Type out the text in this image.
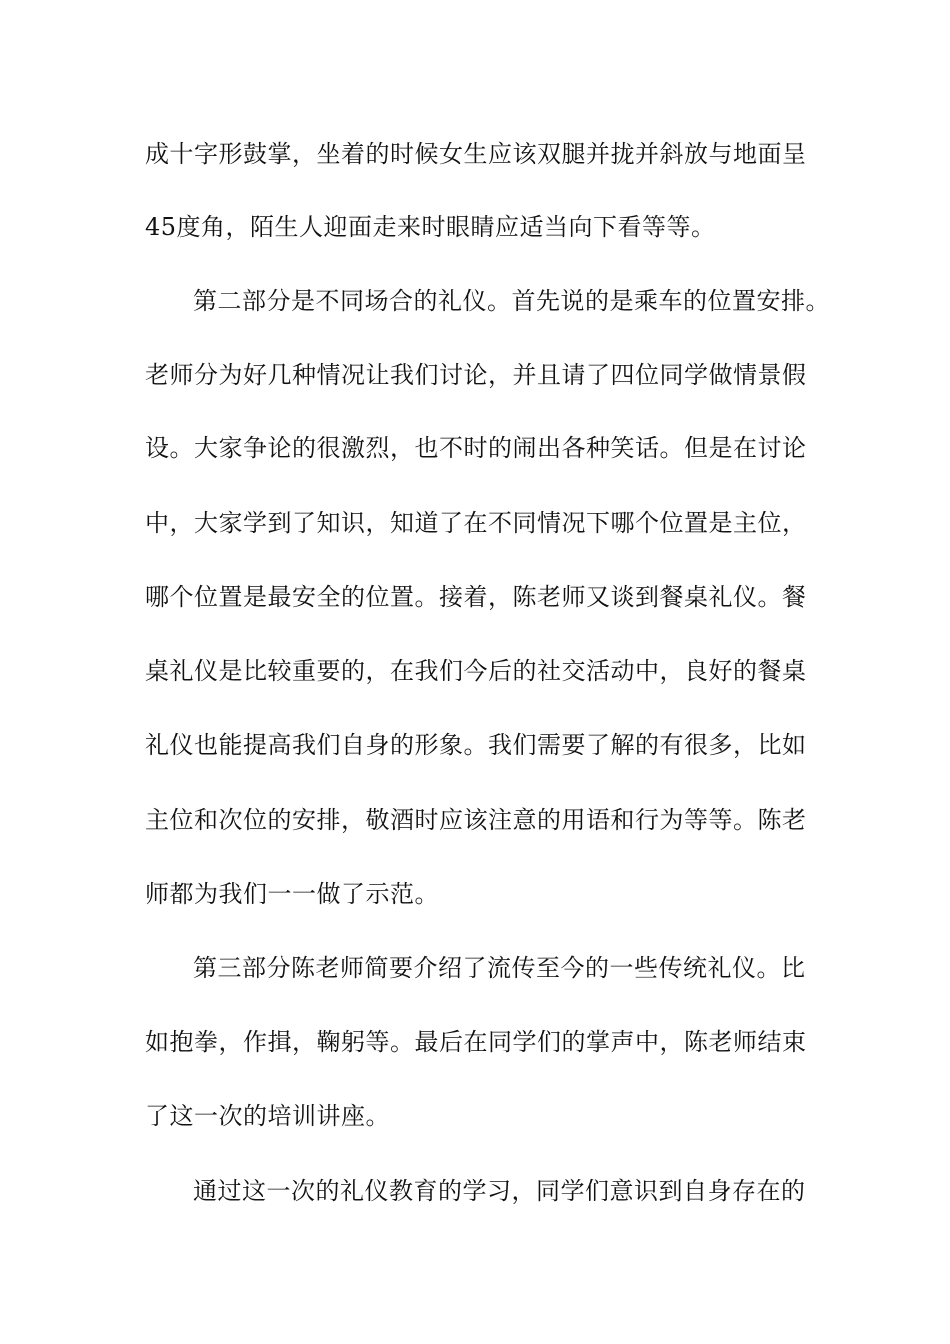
成十字形鼓掌，坐着的时候女生应该双腿并拢并斜放与地面呈
45度角，陌生人迎面走来时眼睛应适当向下看等等。
第二部分是不同场合的礼仪。首先说的是乘车的位置安排。
老师分为好几种情况让我们讨论，并且请了四位同学做情景假
设。大家争论的很激烈，也不时的闹出各种笑话。但是在讨论
中，大家学到了知识，知道了在不同情况下哪个位置是主位，
哪个位置是最安全的位置。接着，陈老师又谈到餐桌礼仪。餐
桌礼仪是比较重要的，在我们今后的社交活动中，良好的餐桌
礼仪也能提高我们自身的形象。我们需要了解的有很多，比如
主位和次位的安排，敬酒时应该注意的用语和行为等等。陈老
师都为我们一一做了示范。
第三部分陈老师简要介绍了流传至今的一些传统礼仪。比
如抱拳，作揖，鞠躬等。最后在同学们的掌声中，陈老师结束
了这一次的培训讲座。
通过这一次的礼仪教育的学习，同学们意识到自身存在的
